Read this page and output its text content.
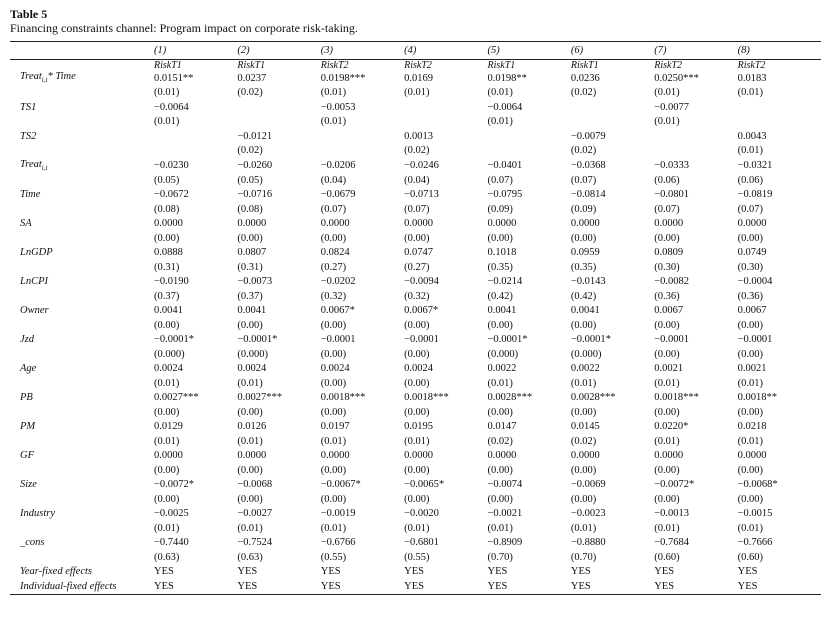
Table 5

Financing constraints channel: Program impact on corporate risk-taking.

	(1)	(2)	(3)	(4)	(5)	(6)	(7)	(8)
	RiskT1	RiskT1	RiskT2	RiskT2	RiskT1	RiskT1	RiskT2	RiskT2
Treat$_{i,t}$* Time	0.0151**	0.0237	0.0198***	0.0169	0.0198**	0.0236	0.0250***	0.0183
	(0.01)	(0.02)	(0.01)	(0.01)	(0.01)	(0.02)	(0.01)	(0.01)
TS1	−0.0064		−0.0053		−0.0064		−0.0077	
	(0.01)		(0.01)		(0.01)		(0.01)	
TS2		−0.0121		0.0013		−0.0079		0.0043
		(0.02)		(0.02)		(0.02)		(0.01)
Treat$_{i,t}$	−0.0230	−0.0260	−0.0206	−0.0246	−0.0401	−0.0368	−0.0333	−0.0321
	(0.05)	(0.05)	(0.04)	(0.04)	(0.07)	(0.07)	(0.06)	(0.06)
Time	−0.0672	−0.0716	−0.0679	−0.0713	−0.0795	−0.0814	−0.0801	−0.0819
	(0.08)	(0.08)	(0.07)	(0.07)	(0.09)	(0.09)	(0.07)	(0.07)
SA	0.0000	0.0000	0.0000	0.0000	0.0000	0.0000	0.0000	0.0000
	(0.00)	(0.00)	(0.00)	(0.00)	(0.00)	(0.00)	(0.00)	(0.00)
LnGDP	0.0888	0.0807	0.0824	0.0747	0.1018	0.0959	0.0809	0.0749
	(0.31)	(0.31)	(0.27)	(0.27)	(0.35)	(0.35)	(0.30)	(0.30)
LnCPI	−0.0190	−0.0073	−0.0202	−0.0094	−0.0214	−0.0143	−0.0082	−0.0004
	(0.37)	(0.37)	(0.32)	(0.32)	(0.42)	(0.42)	(0.36)	(0.36)
Owner	0.0041	0.0041	0.0067*	0.0067*	0.0041	0.0041	0.0067	0.0067
	(0.00)	(0.00)	(0.00)	(0.00)	(0.00)	(0.00)	(0.00)	(0.00)
Jzd	−0.0001*	−0.0001*	−0.0001	−0.0001	−0.0001*	−0.0001*	−0.0001	−0.0001
	(0.000)	(0.000)	(0.00)	(0.00)	(0.000)	(0.000)	(0.00)	(0.00)
Age	0.0024	0.0024	0.0024	0.0024	0.0022	0.0022	0.0021	0.0021
	(0.01)	(0.01)	(0.00)	(0.00)	(0.01)	(0.01)	(0.01)	(0.01)
PB	0.0027***	0.0027***	0.0018***	0.0018***	0.0028***	0.0028***	0.0018***	0.0018**
	(0.00)	(0.00)	(0.00)	(0.00)	(0.00)	(0.00)	(0.00)	(0.00)
PM	0.0129	0.0126	0.0197	0.0195	0.0147	0.0145	0.0220*	0.0218
	(0.01)	(0.01)	(0.01)	(0.01)	(0.02)	(0.02)	(0.01)	(0.01)
GF	0.0000	0.0000	0.0000	0.0000	0.0000	0.0000	0.0000	0.0000
	(0.00)	(0.00)	(0.00)	(0.00)	(0.00)	(0.00)	(0.00)	(0.00)
Size	−0.0072*	−0.0068	−0.0067*	−0.0065*	−0.0074	−0.0069	−0.0072*	−0.0068*
	(0.00)	(0.00)	(0.00)	(0.00)	(0.00)	(0.00)	(0.00)	(0.00)
Industry	−0.0025	−0.0027	−0.0019	−0.0020	−0.0021	−0.0023	−0.0013	−0.0015
	(0.01)	(0.01)	(0.01)	(0.01)	(0.01)	(0.01)	(0.01)	(0.01)
_cons	−0.7440	−0.7524	−0.6766	−0.6801	−0.8909	−0.8880	−0.7684	−0.7666
	(0.63)	(0.63)	(0.55)	(0.55)	(0.70)	(0.70)	(0.60)	(0.60)
Year-fixed effects	YES	YES	YES	YES	YES	YES	YES	YES
Individual-fixed effects	YES	YES	YES	YES	YES	YES	YES	YES
